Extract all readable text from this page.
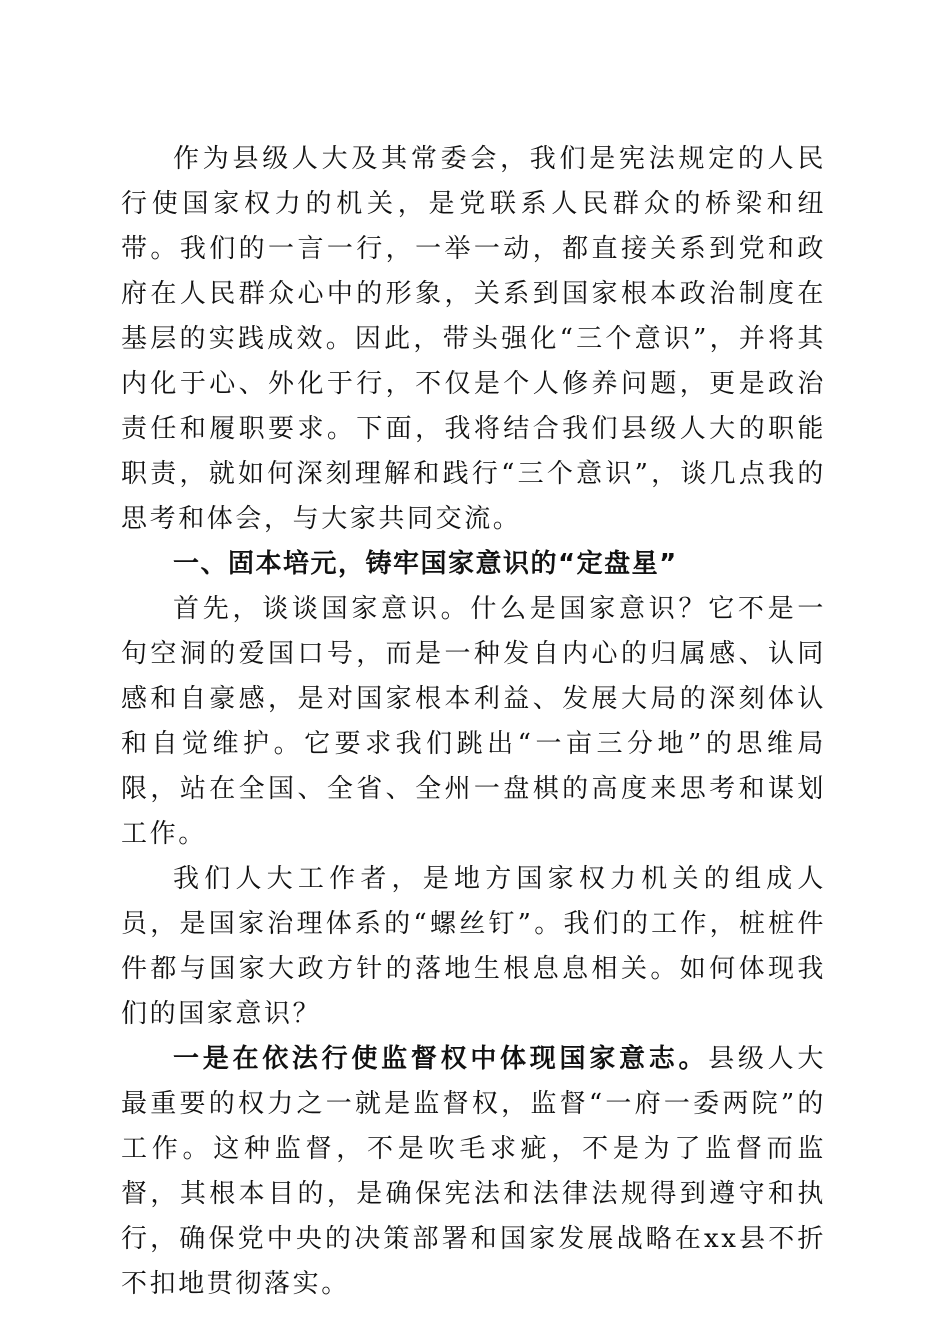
作为县级人大及其常委会，我们是宪法规定的人民行使国家权力的机关，是党联系人民群众的桥梁和纽带。我们的一言一行，一举一动，都直接关系到党和政府在人民群众心中的形象，关系到国家根本政治制度在基层的实践成效。因此，带头强化“三个意识”，并将其内化于心、外化于行，不仅是个人修养问题，更是政治责任和履职要求。下面，我将结合我们县级人大的职能职责，就如何深刻理解和践行“三个意识”，谈几点我的思考和体会，与大家共同交流。

一、固本培元，铸牢国家意识的“定盘星”

首先，谈谈国家意识。什么是国家意识？它不是一句空洞的爱国口号，而是一种发自内心的归属感、认同感和自豪感，是对国家根本利益、发展大局的深刻体认和自觉维护。它要求我们跳出“一亩三分地”的思维局限，站在全国、全省、全州一盘棋的高度来思考和谋划工作。

我们人大工作者，是地方国家权力机关的组成人员，是国家治理体系的“螺丝钉”。我们的工作，桩桩件件都与国家大政方针的落地生根息息相关。如何体现我们的国家意识？

一是在依法行使监督权中体现国家意志。县级人大最重要的权力之一就是监督权，监督“一府一委两院”的工作。这种监督，不是吹毛求疵，不是为了监督而监督，其根本目的，是确保宪法和法律法规得到遵守和执行，确保党中央的决策部署和国家发展战略在xx县不折不扣地贯彻落实。
